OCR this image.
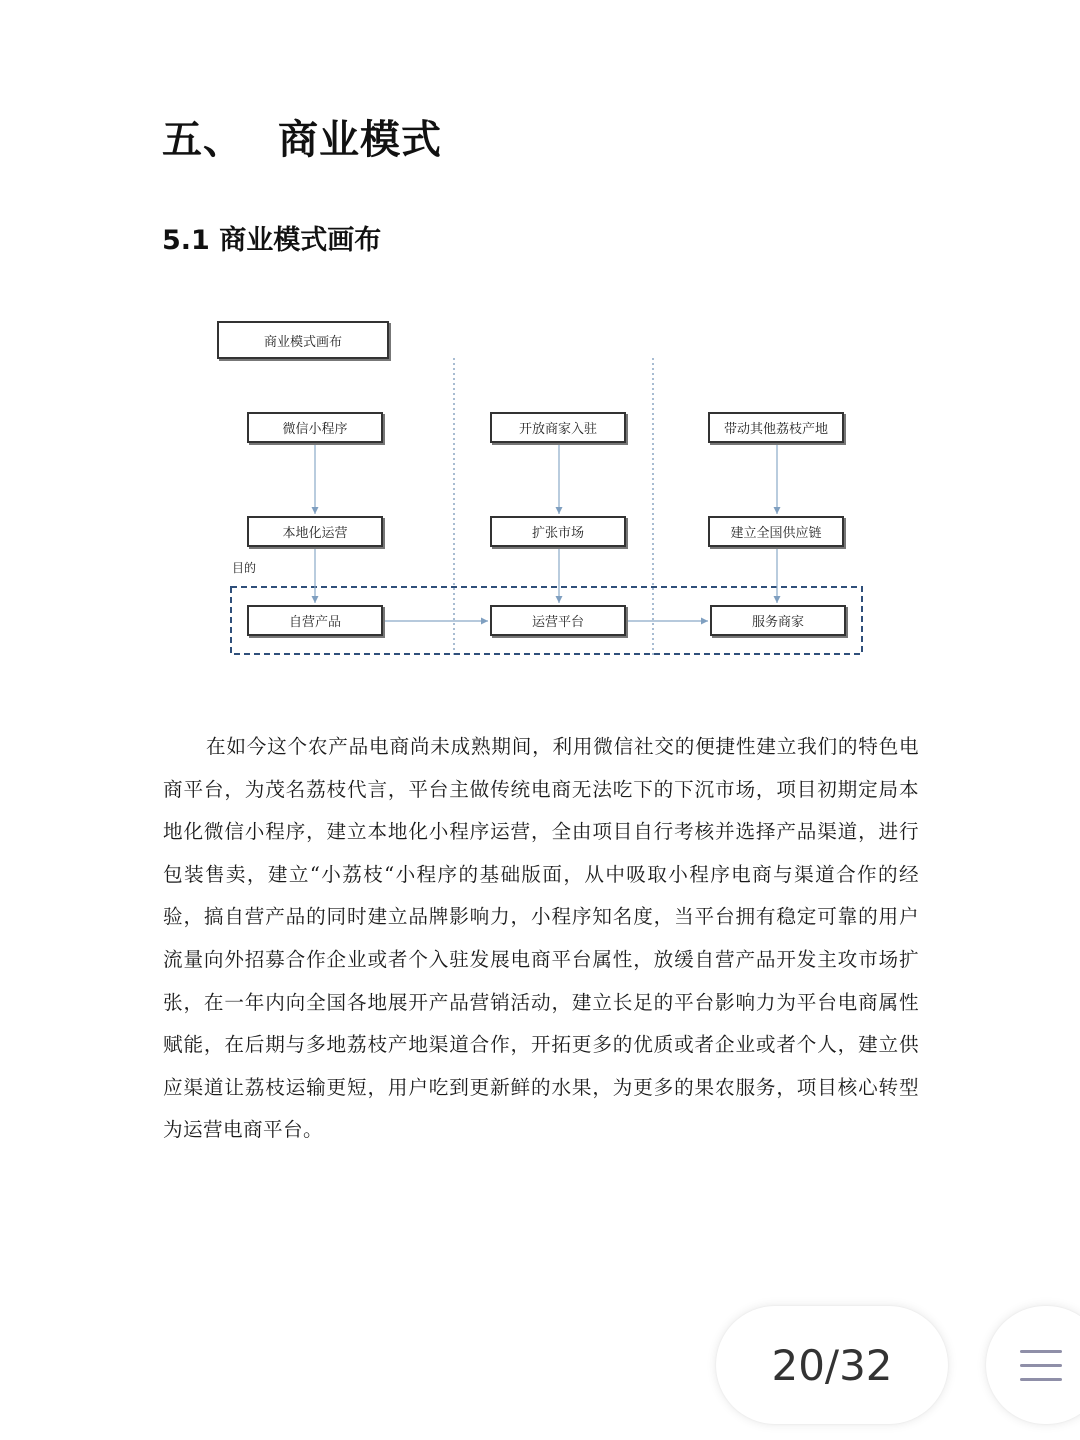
五、 商业模式
5.1 商业模式画布
商业模式画布
微信小程序
本地化运营
自营产品
开放商家入驻
扩张市场
运营平台
带动其他荔枝产地
建立全国供应链
服务商家
目的
在如今这个农产品电商尚未成熟期间，利用微信社交的便捷性建立我们的特色电商平台，为茂名荔枝代言，平台主做传统电商无法吃下的下沉市场，项目初期定局本地化微信小程序，建立本地化小程序运营，全由项目自行考核并选择产品渠道，进行包装售卖，建立“小荔枝“小程序的基础版面，从中吸取小程序电商与渠道合作的经验，搞自营产品的同时建立品牌影响力，小程序知名度，当平台拥有稳定可靠的用户流量向外招募合作企业或者个入驻发展电商平台属性，放缓自营产品开发主攻市场扩张，在一年内向全国各地展开产品营销活动，建立长足的平台影响力为平台电商属性赋能，在后期与多地荔枝产地渠道合作，开拓更多的优质或者企业或者个人，建立供应渠道让荔枝运输更短，用户吃到更新鲜的水果，为更多的果农服务，项目核心转型为运营电商平台。
20/32
